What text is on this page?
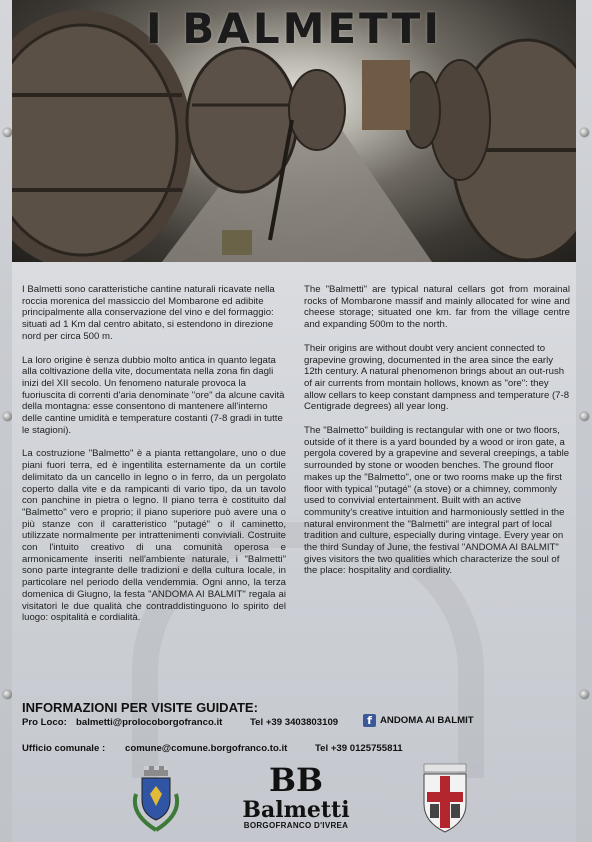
I BALMETTI

I Balmetti sono caratteristiche cantine naturali ricavate nella roccia morenica del massiccio del Mombarone ed adibite principalmente alla conservazione del vino e del formaggio: situati ad 1 Km dal centro abitato, si estendono in direzione nord per circa 500 m.

La loro origine è senza dubbio molto antica in quanto legata alla coltivazione della vite, documentata nella zona fin dagli inizi del XII secolo. Un fenomeno naturale provoca la fuoriuscita di correnti d'aria denominate "ore" da alcune cavità della montagna: esse consentono di mantenere all'interno delle cantine umidità e temperature costanti (7-8 gradi in tutte le stagioni).

La costruzione "Balmetto" è a pianta rettangolare, uno o due piani fuori terra, ed è ingentilita esternamente da un cortile delimitato da un cancello in legno o in ferro, da un pergolato coperto dalla vite e da rampicanti di vario tipo, da un tavolo con panchine in pietra o legno. Il piano terra è costituito dal "Balmetto" vero e proprio; il piano superiore può avere una o più stanze con il caratteristico "putagé" o il caminetto, utilizzate normalmente per intrattenimenti conviviali. Costruite con l'intuito creativo di una comunità operosa e armonicamente inseriti nell'ambiente naturale, i "Balmetti" sono parte integrante delle tradizioni e della cultura locale, in particolare nel periodo della vendemmia. Ogni anno, la terza domenica di Giugno, la festa "ANDOMA AI BALMIT" regala ai visitatori le due qualità che contraddistinguono lo spirito del luogo: ospitalità e cordialità.

The "Balmetti" are typical natural cellars got from morainal rocks of Mombarone massif and mainly allocated for wine and cheese storage; situated one km. far from the village centre and expanding 500m to the north.

Their origins are without doubt very ancient connected to grapevine growing, documented in the area since the early 12th century. A natural phenomenon brings about an out-rush of air currents from montain hollows, known as "ore": they allow cellars to keep constant dampness and temperature (7-8 Centigrade degrees) all year long.

The "Balmetto" building is rectangular with one or two floors, outside of it there is a yard bounded by a wood or iron gate, a pergola covered by a grapevine and several creepings, a table surrounded by stone or wooden benches. The ground floor makes up the "Balmetto", one or two rooms make up the first floor with typical "putagé" (a stove) or a chimney, commonly used to convivial entertainment. Built with an active community's creative intuition and harmoniously settled in the natural environment the "Balmetti" are integral part of local tradition and culture, especially during vintage. Every year on the third Sunday of June, the festival "ANDOMA AI BALMIT" gives visitors the two qualities which characterize the soul of the place: hospitality and cordiality.

INFORMAZIONI PER VISITE GUIDATE:
Pro Loco: balmetti@prolocoborgofranco.it	Tel +39 3403803109	f ANDOMA AI BALMIT
Ufficio comunale : comune@comune.borgofranco.to.it	Tel +39 0125755811
BB
Balmetti
BORGOFRANCO D'IVREA
